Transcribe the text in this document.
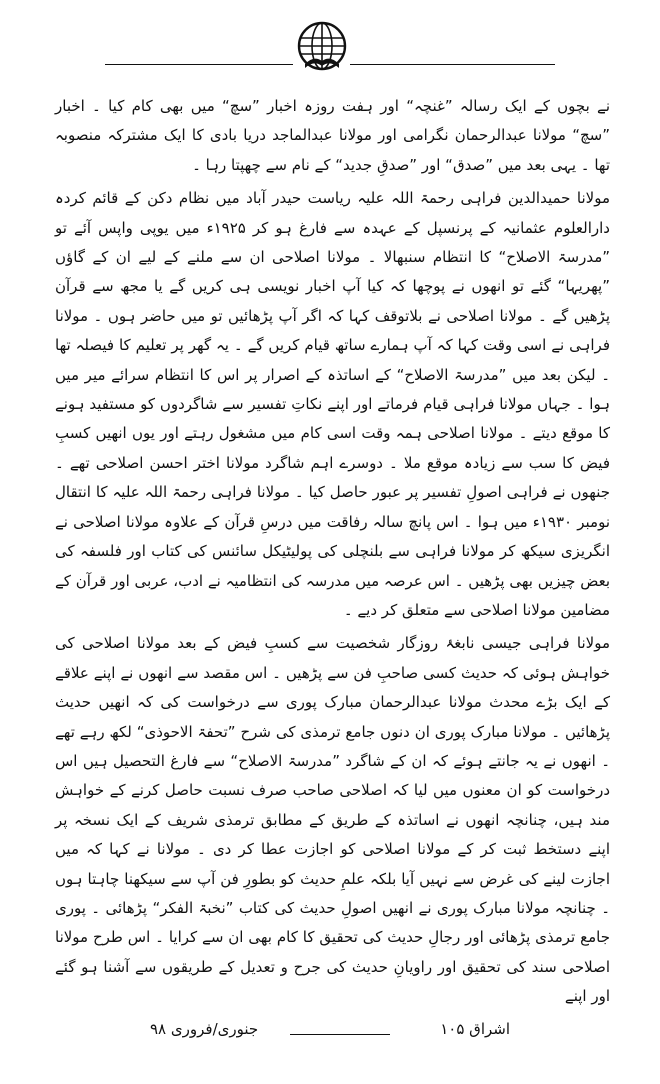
نے بچوں کے ایک رسالہ ”غنچہ“ اور ہفت روزہ اخبار ”سچ“ میں بھی کام کیا ۔ اخبار ”سچ“ مولانا عبدالرحمان نگرامی اور مولانا عبدالماجد دریا بادی کا ایک مشترکہ منصوبہ تھا ۔ یہی بعد میں ”صدق“ اور ”صدقِ جدید“ کے نام سے چھپتا رہا ۔

مولانا حمیدالدین فراہی رحمۃ اللہ علیہ ریاست حیدر آباد میں نظام دکن کے قائم کردہ دارالعلوم عثمانیہ کے پرنسپل کے عہدہ سے فارغ ہو کر ۱۹۲۵ء میں یوپی واپس آئے تو ”مدرسۃ الاصلاح“ کا انتظام سنبھالا ۔ مولانا اصلاحی ان سے ملنے کے لیے ان کے گاؤں ”پھریہا“ گئے تو انھوں نے پوچھا کہ کیا آپ اخبار نویسی ہی کریں گے یا مجھ سے قرآن پڑھیں گے ۔ مولانا اصلاحی نے بلاتوقف کہا کہ اگر آپ پڑھائیں تو میں حاضر ہوں ۔ مولانا فراہی نے اسی وقت کہا کہ آپ ہمارے ساتھ قیام کریں گے ۔ یہ گھر پر تعلیم کا فیصلہ تھا ۔ لیکن بعد میں ”مدرسۃ الاصلاح“ کے اساتذہ کے اصرار پر اس کا انتظام سرائے میر میں ہوا ۔ جہاں مولانا فراہی قیام فرماتے اور اپنے نکاتِ تفسیر سے شاگردوں کو مستفید ہونے کا موقع دیتے ۔ مولانا اصلاحی ہمہ وقت اسی کام میں مشغول رہتے اور یوں انھیں کسبِ فیض کا سب سے زیادہ موقع ملا ۔ دوسرے اہم شاگرد مولانا اختر احسن اصلاحی تھے ۔ جنھوں نے فراہی اصولِ تفسیر پر عبور حاصل کیا ۔ مولانا فراہی رحمۃ اللہ علیہ کا انتقال نومبر ۱۹۳۰ء میں ہوا ۔ اس پانچ سالہ رفاقت میں درسِ قرآن کے علاوہ مولانا اصلاحی نے انگریزی سیکھ کر مولانا فراہی سے بلنچلی کی پولیٹیکل سائنس کی کتاب اور فلسفہ کی بعض چیزیں بھی پڑھیں ۔ اس عرصہ میں مدرسہ کی انتظامیہ نے ادب، عربی اور قرآن کے مضامین مولانا اصلاحی سے متعلق کر دیے ۔

مولانا فراہی جیسی نابغۂ روزگار شخصیت سے کسبِ فیض کے بعد مولانا اصلاحی کی خواہش ہوئی کہ حدیث کسی صاحبِ فن سے پڑھیں ۔ اس مقصد سے انھوں نے اپنے علاقے کے ایک بڑے محدث مولانا عبدالرحمان مبارک پوری سے درخواست کی کہ انھیں حدیث پڑھائیں ۔ مولانا مبارک پوری ان دنوں جامع ترمذی کی شرح ”تحفۃ الاحوذی“ لکھ رہے تھے ۔ انھوں نے یہ جانتے ہوئے کہ ان کے شاگرد ”مدرسۃ الاصلاح“ سے فارغ التحصیل ہیں اس درخواست کو ان معنوں میں لیا کہ اصلاحی صاحب صرف نسبت حاصل کرنے کے خواہش مند ہیں، چنانچہ انھوں نے اساتذہ کے طریق کے مطابق ترمذی شریف کے ایک نسخہ پر اپنے دستخط ثبت کر کے مولانا اصلاحی کو اجازت عطا کر دی ۔ مولانا نے کہا کہ میں اجازت لینے کی غرض سے نہیں آیا بلکہ علمِ حدیث کو بطورِ فن آپ سے سیکھنا چاہتا ہوں ۔ چنانچہ مولانا مبارک پوری نے انھیں اصولِ حدیث کی کتاب ”نخبۃ الفکر“ پڑھائی ۔ پوری جامع ترمذی پڑھائی اور رجالِ حدیث کی تحقیق کا کام بھی ان سے کرایا ۔ اس طرح مولانا اصلاحی سند کی تحقیق اور راویانِ حدیث کی جرح و تعدیل کے طریقوں سے آشنا ہو گئے اور اپنے

اشراق ۱۰۵
جنوری/فروری ۹۸
